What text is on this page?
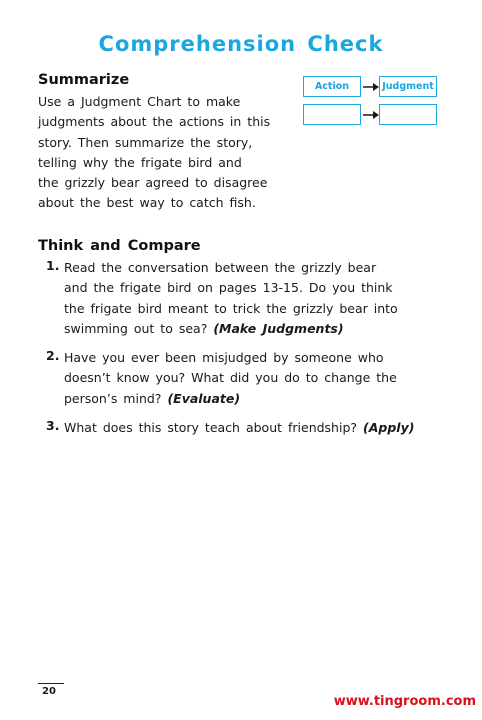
Comprehension Check
Summarize
Use a Judgment Chart to make
judgments about the actions in this
story. Then summarize the story,
telling why the frigate bird and
the grizzly bear agreed to disagree
about the best way to catch fish.
Action	Judgment
Think and Compare
1. Read the conversation between the grizzly bear
and the frigate bird on pages 13-15. Do you think
the frigate bird meant to trick the grizzly bear into
swimming out to sea? (Make Judgments)
2. Have you ever been misjudged by someone who
doesn’t know you? What did you do to change the
person’s mind? (Evaluate)
3. What does this story teach about friendship? (Apply)
20
www.tingroom.com
